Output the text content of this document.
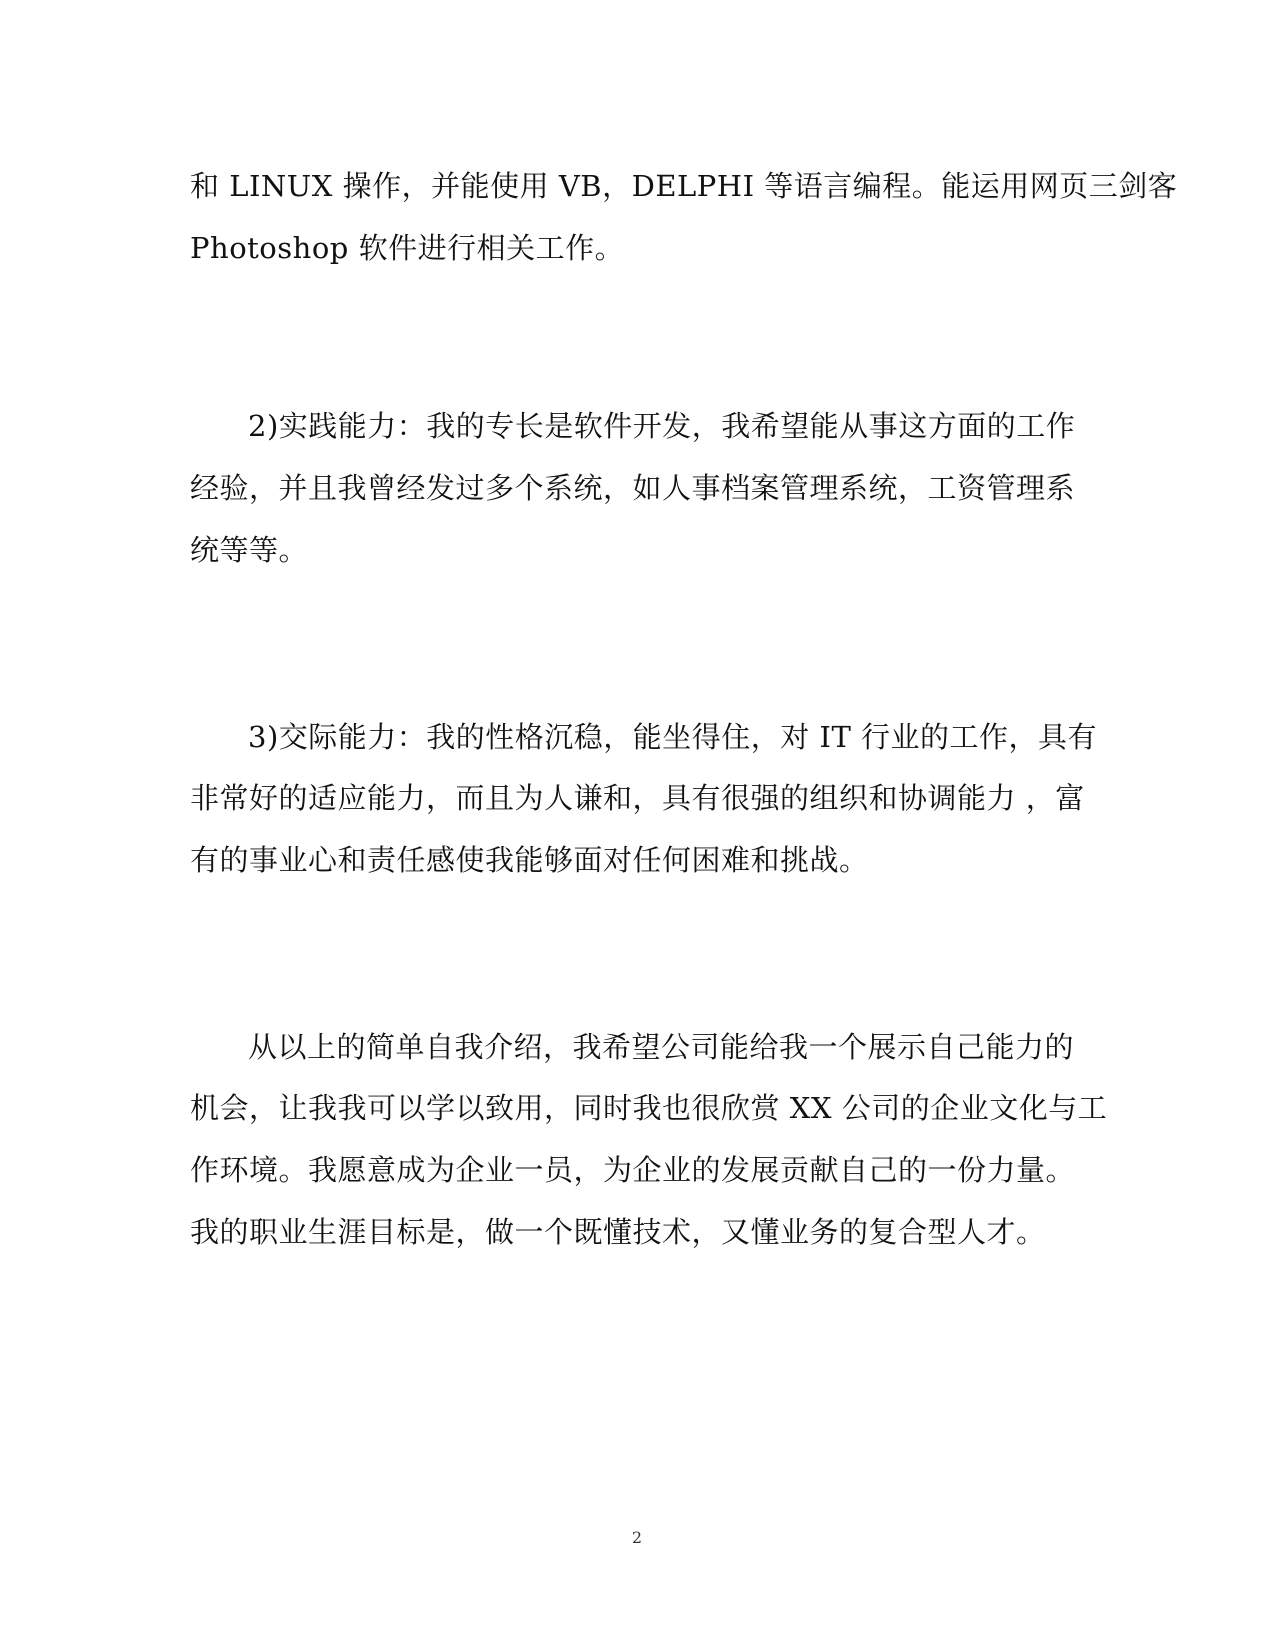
和 LINUX 操作，并能使用 VB，DELPHI 等语言编程。能运用网页三剑客
Photoshop 软件进行相关工作。
2)实践能力：我的专长是软件开发，我希望能从事这方面的工作
经验，并且我曾经发过多个系统，如人事档案管理系统，工资管理系
统等等。
3)交际能力：我的性格沉稳，能坐得住，对 IT 行业的工作，具有
非常好的适应能力，而且为人谦和，具有很强的组织和协调能力 ，富
有的事业心和责任感使我能够面对任何困难和挑战。
从以上的简单自我介绍，我希望公司能给我一个展示自己能力的
机会，让我我可以学以致用，同时我也很欣赏 XX 公司的企业文化与工
作环境。我愿意成为企业一员，为企业的发展贡献自己的一份力量。
我的职业生涯目标是，做一个既懂技术，又懂业务的复合型人才。
2
